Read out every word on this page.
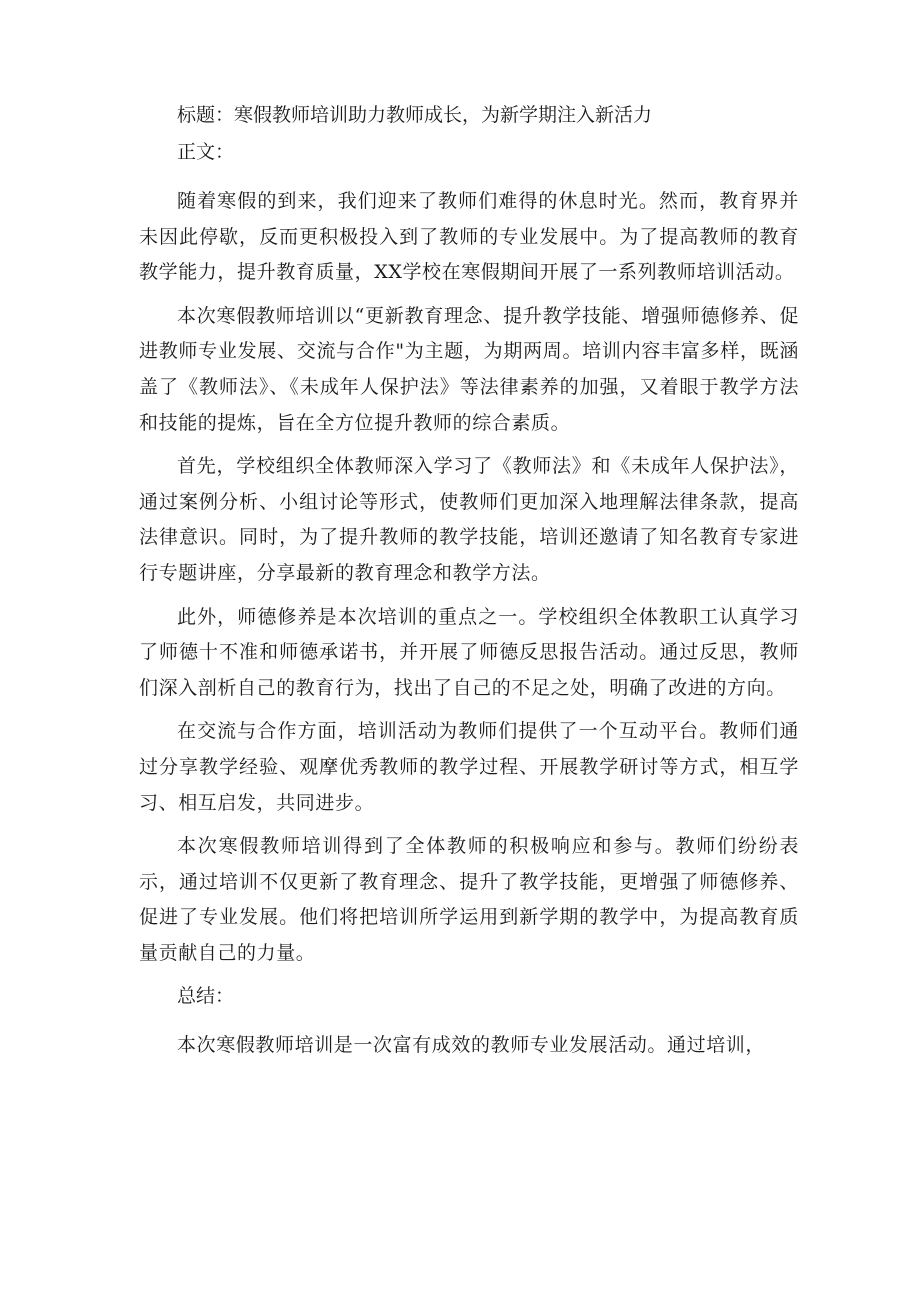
标题：寒假教师培训助力教师成长，为新学期注入新活力

正文：

随着寒假的到来，我们迎来了教师们难得的休息时光。然而，教育界并未因此停歇，反而更积极投入到了教师的专业发展中。为了提高教师的教育教学能力，提升教育质量，XX学校在寒假期间开展了一系列教师培训活动。

本次寒假教师培训以“更新教育理念、提升教学技能、增强师德修养、促进教师专业发展、交流与合作"为主题，为期两周。培训内容丰富多样，既涵盖了《教师法》、《未成年人保护法》等法律素养的加强，又着眼于教学方法和技能的提炼，旨在全方位提升教师的综合素质。

首先，学校组织全体教师深入学习了《教师法》和《未成年人保护法》，通过案例分析、小组讨论等形式，使教师们更加深入地理解法律条款，提高法律意识。同时，为了提升教师的教学技能，培训还邀请了知名教育专家进行专题讲座，分享最新的教育理念和教学方法。

此外，师德修养是本次培训的重点之一。学校组织全体教职工认真学习了师德十不准和师德承诺书，并开展了师德反思报告活动。通过反思，教师们深入剖析自己的教育行为，找出了自己的不足之处，明确了改进的方向。

在交流与合作方面，培训活动为教师们提供了一个互动平台。教师们通过分享教学经验、观摩优秀教师的教学过程、开展教学研讨等方式，相互学习、相互启发，共同进步。

本次寒假教师培训得到了全体教师的积极响应和参与。教师们纷纷表示，通过培训不仅更新了教育理念、提升了教学技能，更增强了师德修养、促进了专业发展。他们将把培训所学运用到新学期的教学中，为提高教育质量贡献自己的力量。

总结：

本次寒假教师培训是一次富有成效的教师专业发展活动。通过培训，
